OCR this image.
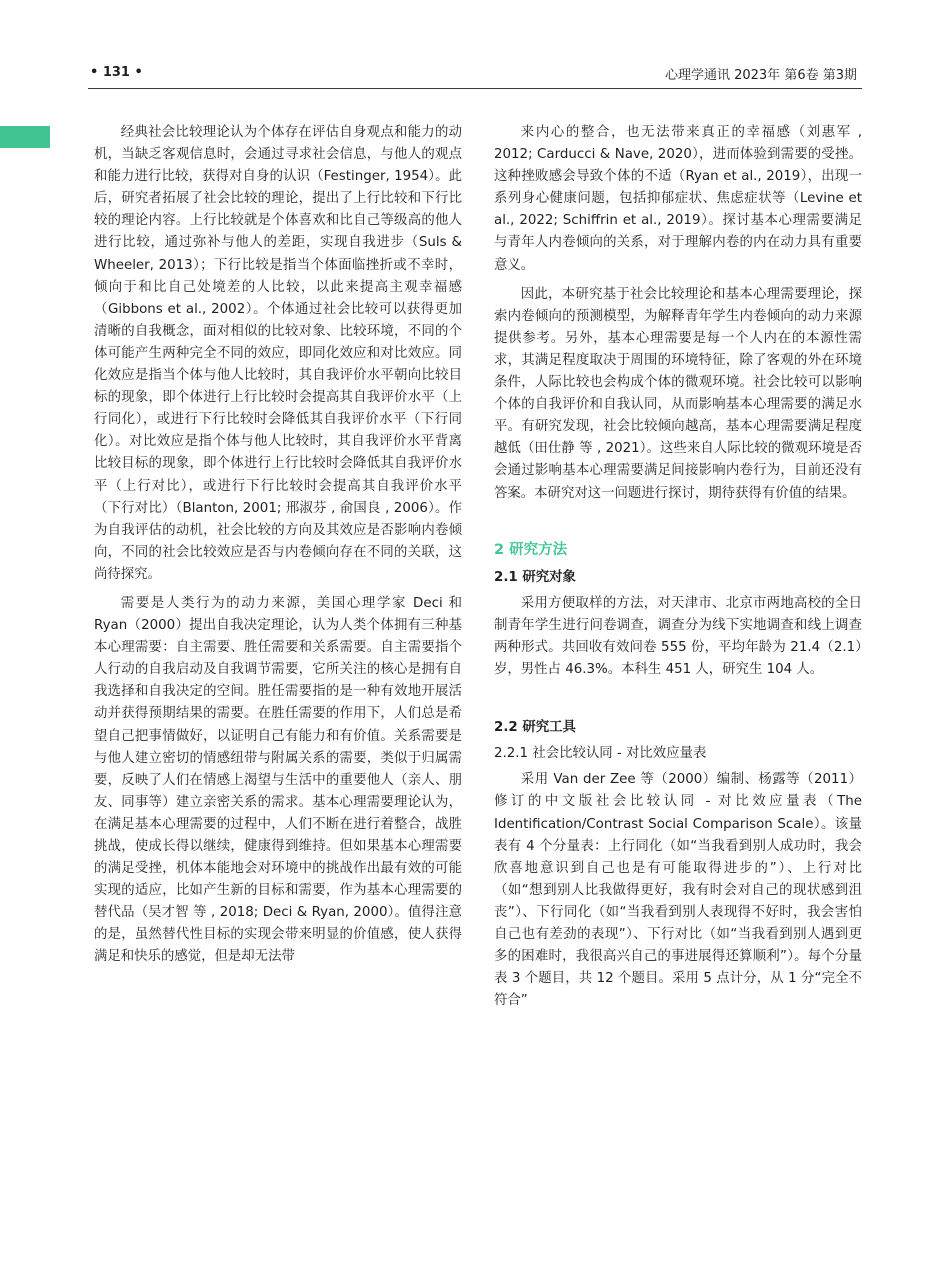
• 131 •	心理学通讯 2023年 第6卷 第3期

经典社会比较理论认为个体存在评估自身观点和能力的动机，当缺乏客观信息时，会通过寻求社会信息，与他人的观点和能力进行比较，获得对自身的认识（Festinger, 1954）。此后，研究者拓展了社会比较的理论，提出了上行比较和下行比较的理论内容。上行比较就是个体喜欢和比自己等级高的他人进行比较，通过弥补与他人的差距，实现自我进步（Suls & Wheeler, 2013）；下行比较是指当个体面临挫折或不幸时，倾向于和比自己处境差的人比较，以此来提高主观幸福感（Gibbons et al., 2002）。个体通过社会比较可以获得更加清晰的自我概念，面对相似的比较对象、比较环境，不同的个体可能产生两种完全不同的效应，即同化效应和对比效应。同化效应是指当个体与他人比较时，其自我评价水平朝向比较目标的现象，即个体进行上行比较时会提高其自我评价水平（上行同化），或进行下行比较时会降低其自我评价水平（下行同化）。对比效应是指个体与他人比较时，其自我评价水平背离比较目标的现象，即个体进行上行比较时会降低其自我评价水平（上行对比），或进行下行比较时会提高其自我评价水平（下行对比）（Blanton, 2001; 邢淑芬 , 俞国良 , 2006）。作为自我评估的动机，社会比较的方向及其效应是否影响内卷倾向，不同的社会比较效应是否与内卷倾向存在不同的关联，这尚待探究。

需要是人类行为的动力来源，美国心理学家 Deci 和 Ryan（2000）提出自我决定理论，认为人类个体拥有三种基本心理需要：自主需要、胜任需要和关系需要。自主需要指个人行动的自我启动及自我调节需要，它所关注的核心是拥有自我选择和自我决定的空间。胜任需要指的是一种有效地开展活动并获得预期结果的需要。在胜任需要的作用下，人们总是希望自己把事情做好，以证明自己有能力和有价值。关系需要是与他人建立密切的情感纽带与附属关系的需要，类似于归属需要，反映了人们在情感上渴望与生活中的重要他人（亲人、朋友、同事等）建立亲密关系的需求。基本心理需要理论认为，在满足基本心理需要的过程中，人们不断在进行着整合，战胜挑战，使成长得以继续，健康得到维持。但如果基本心理需要的满足受挫，机体本能地会对环境中的挑战作出最有效的可能实现的适应，比如产生新的目标和需要，作为基本心理需要的替代品（吴才智 等 , 2018; Deci & Ryan, 2000）。值得注意的是，虽然替代性目标的实现会带来明显的价值感，使人获得满足和快乐的感觉，但是却无法带

来内心的整合，也无法带来真正的幸福感（刘惠军 , 2012; Carducci & Nave, 2020），进而体验到需要的受挫。这种挫败感会导致个体的不适（Ryan et al., 2019），出现一系列身心健康问题，包括抑郁症状、焦虑症状等（Levine et al., 2022; Schiffrin et al., 2019）。探讨基本心理需要满足与青年人内卷倾向的关系，对于理解内卷的内在动力具有重要意义。

因此，本研究基于社会比较理论和基本心理需要理论，探索内卷倾向的预测模型，为解释青年学生内卷倾向的动力来源提供参考。另外，基本心理需要是每一个人内在的本源性需求，其满足程度取决于周围的环境特征，除了客观的外在环境条件，人际比较也会构成个体的微观环境。社会比较可以影响个体的自我评价和自我认同，从而影响基本心理需要的满足水平。有研究发现，社会比较倾向越高，基本心理需要满足程度越低（田仕静 等 , 2021）。这些来自人际比较的微观环境是否会通过影响基本心理需要满足间接影响内卷行为，目前还没有答案。本研究对这一问题进行探讨，期待获得有价值的结果。

2 研究方法
2.1 研究对象

采用方便取样的方法，对天津市、北京市两地高校的全日制青年学生进行问卷调查，调查分为线下实地调查和线上调查两种形式。共回收有效问卷 555 份，平均年龄为 21.4（2.1）岁，男性占 46.3%。本科生 451 人，研究生 104 人。

2.2 研究工具
2.2.1 社会比较认同 - 对比效应量表

采用 Van der Zee 等（2000）编制、杨露等（2011）修订的中文版社会比较认同 - 对比效应量表（The Identification/Contrast Social Comparison Scale）。该量表有 4 个分量表：上行同化（如“当我看到别人成功时，我会欣喜地意识到自己也是有可能取得进步的”）、上行对比（如“想到别人比我做得更好，我有时会对自己的现状感到沮丧”）、下行同化（如“当我看到别人表现得不好时，我会害怕自己也有差劲的表现”）、下行对比（如“当我看到别人遇到更多的困难时，我很高兴自己的事进展得还算顺利”）。每个分量表 3 个题目，共 12 个题目。采用 5 点计分，从 1 分“完全不符合”
